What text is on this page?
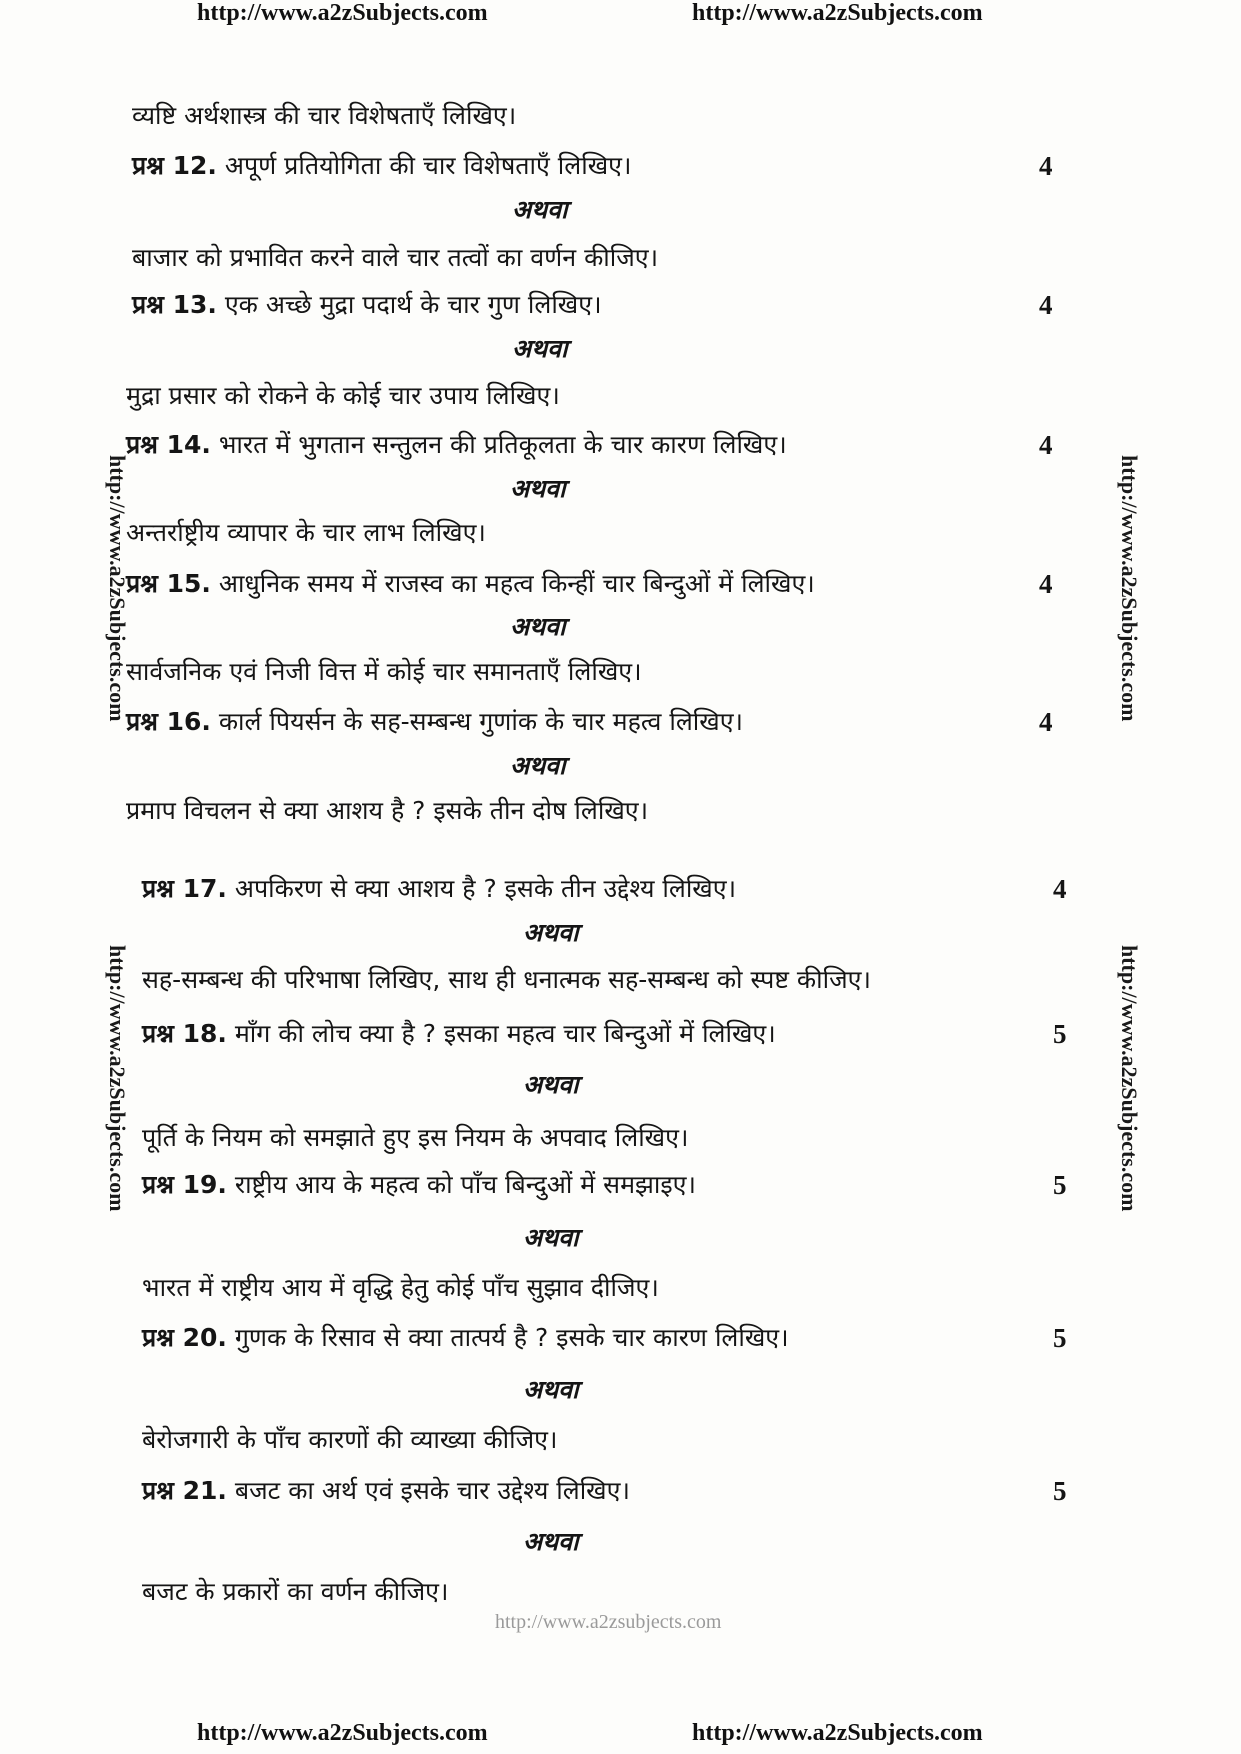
http://www.a2zSubjects.com	http://www.a2zSubjects.com
http://www.a2zSubjects.com	http://www.a2zSubjects.com
http://www.a2zSubjects.com	http://www.a2zSubjects.com
व्यष्टि अर्थशास्त्र की चार विशेषताएँ लिखिए।
प्रश्न 12. अपूर्ण प्रतियोगिता की चार विशेषताएँ लिखिए।	4
अथवा
बाजार को प्रभावित करने वाले चार तत्वों का वर्णन कीजिए।
प्रश्न 13. एक अच्छे मुद्रा पदार्थ के चार गुण लिखिए।	4
अथवा
मुद्रा प्रसार को रोकने के कोई चार उपाय लिखिए।
प्रश्न 14. भारत में भुगतान सन्तुलन की प्रतिकूलता के चार कारण लिखिए।	4
अथवा
अन्तर्राष्ट्रीय व्यापार के चार लाभ लिखिए।
प्रश्न 15. आधुनिक समय में राजस्व का महत्व किन्हीं चार बिन्दुओं में लिखिए।	4
अथवा
सार्वजनिक एवं निजी वित्त में कोई चार समानताएँ लिखिए।
प्रश्न 16. कार्ल पियर्सन के सह-सम्बन्ध गुणांक के चार महत्व लिखिए।	4
अथवा
प्रमाप विचलन से क्या आशय है ? इसके तीन दोष लिखिए।
प्रश्न 17. अपकिरण से क्या आशय है ? इसके तीन उद्देश्य लिखिए।	4
अथवा
सह-सम्बन्ध की परिभाषा लिखिए, साथ ही धनात्मक सह-सम्बन्ध को स्पष्ट कीजिए।
प्रश्न 18. माँग की लोच क्या है ? इसका महत्व चार बिन्दुओं में लिखिए।	5
अथवा
पूर्ति के नियम को समझाते हुए इस नियम के अपवाद लिखिए।
प्रश्न 19. राष्ट्रीय आय के महत्व को पाँच बिन्दुओं में समझाइए।	5
अथवा
भारत में राष्ट्रीय आय में वृद्धि हेतु कोई पाँच सुझाव दीजिए।
प्रश्न 20. गुणक के रिसाव से क्या तात्पर्य है ? इसके चार कारण लिखिए।	5
अथवा
बेरोजगारी के पाँच कारणों की व्याख्या कीजिए।
प्रश्न 21. बजट का अर्थ एवं इसके चार उद्देश्य लिखिए।	5
अथवा
बजट के प्रकारों का वर्णन कीजिए।
http://www.a2zsubjects.com
http://www.a2zSubjects.com	http://www.a2zSubjects.com
